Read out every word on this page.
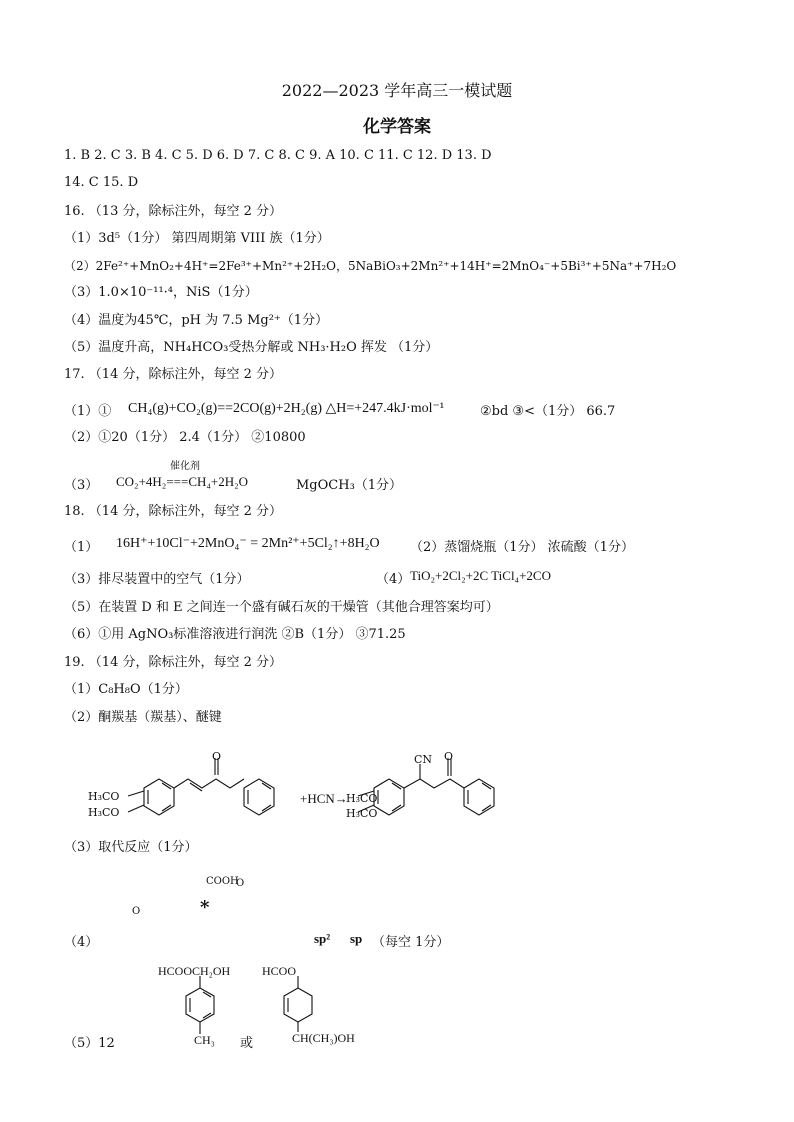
2022—2023 学年高三一模试题
化学答案
1. B 2. C 3. B 4. C 5. D 6. D 7. C 8. C 9. A 10. C 11. C 12. D 13. D
14. C 15. D
16. （13 分，除标注外，每空 2 分）
（1）3d⁵（1分） 第四周期第 VIII 族（1分）
（2）2Fe²⁺+MnO₂+4H⁺=2Fe³⁺+Mn²⁺+2H₂O，5NaBiO₃+2Mn²⁺+14H⁺=2MnO₄⁻+5Bi³⁺+5Na⁺+7H₂O
（3）1.0×10⁻¹¹·⁴，NiS（1分）
（4）温度为45℃，pH 为 7.5 Mg²⁺（1分）
（5）温度升高，NH₄HCO₃受热分解或 NH₃·H₂O 挥发 （1分）
17. （14 分，除标注外，每空 2 分）
（1）① CH₄(g)+CO₂(g)==2CO(g)+2H₂(g) △H=+247.4kJ·mol⁻¹	②bd ③<（1分） 66.7
（2）①20（1分） 2.4（1分） ②10800
（3）
催化剂
CO₂+4H₂===CH₄+2H₂O	MgOCH₃（1分）
18. （14 分，除标注外，每空 2 分）
（1） 16H⁺+10Cl⁻+2MnO₄⁻ = 2Mn²⁺+5Cl₂↑+8H₂O （2）蒸馏烧瓶（1分） 浓硫酸（1分）
（3）排尽装置中的空气（1分）	（4） TiO₂+2Cl₂+2C TiCl₄+2CO
（5）在装置 D 和 E 之间连一个盛有碱石灰的干燥管（其他合理答案均可）
（6）①用 AgNO₃标准溶液进行润洗 ②B（1分） ③71.25
19. （14 分，除标注外，每空 2 分）
（1）C₈H₈O（1分）
（2）酮羰基（羰基）、醚键
H₃CO
H₃CO
O
+HCN→
CN O
H₃CO
H₃CO
（3）取代反应（1分）
COOH
O
O	*
（4）	sp² sp （每空 1分）
HCOOCH₂OH
CH₃
HCOO
CH(CH₃)OH
（5）12	或
